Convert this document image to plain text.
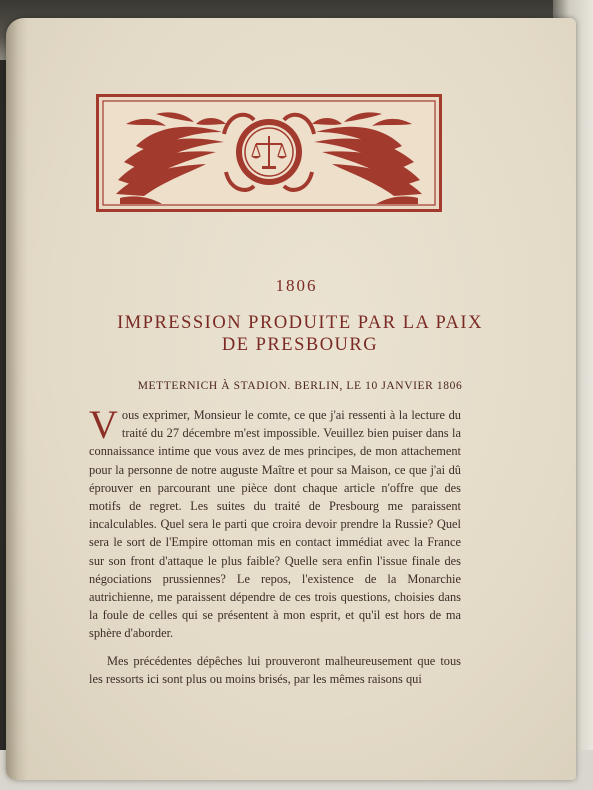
1806
IMPRESSION PRODUITE PAR LA PAIX
DE PRESBOURG
METTERNICH À STADION. BERLIN, LE 10 JANVIER 1806

Vous exprimer, Monsieur le comte, ce que j'ai ressenti à la lecture du traité du 27 décembre m'est impossible. Veuillez bien puiser dans la connaissance intime que vous avez de mes principes, de mon attachement pour la personne de notre auguste Maître et pour sa Maison, ce que j'ai dû éprouver en parcourant une pièce dont chaque article n'offre que des motifs de regret. Les suites du traité de Presbourg me paraissent incalculables. Quel sera le parti que croira devoir prendre la Russie? Quel sera le sort de l'Empire ottoman mis en contact immédiat avec la France sur son front d'attaque le plus faible? Quelle sera enfin l'issue finale des négociations prussiennes? Le repos, l'existence de la Monarchie autrichienne, me paraissent dépendre de ces trois questions, choisies dans la foule de celles qui se présentent à mon esprit, et qu'il est hors de ma sphère d'aborder.

Mes précédentes dépêches lui prouveront malheureusement que tous les ressorts ici sont plus ou moins brisés, par les mêmes raisons qui
